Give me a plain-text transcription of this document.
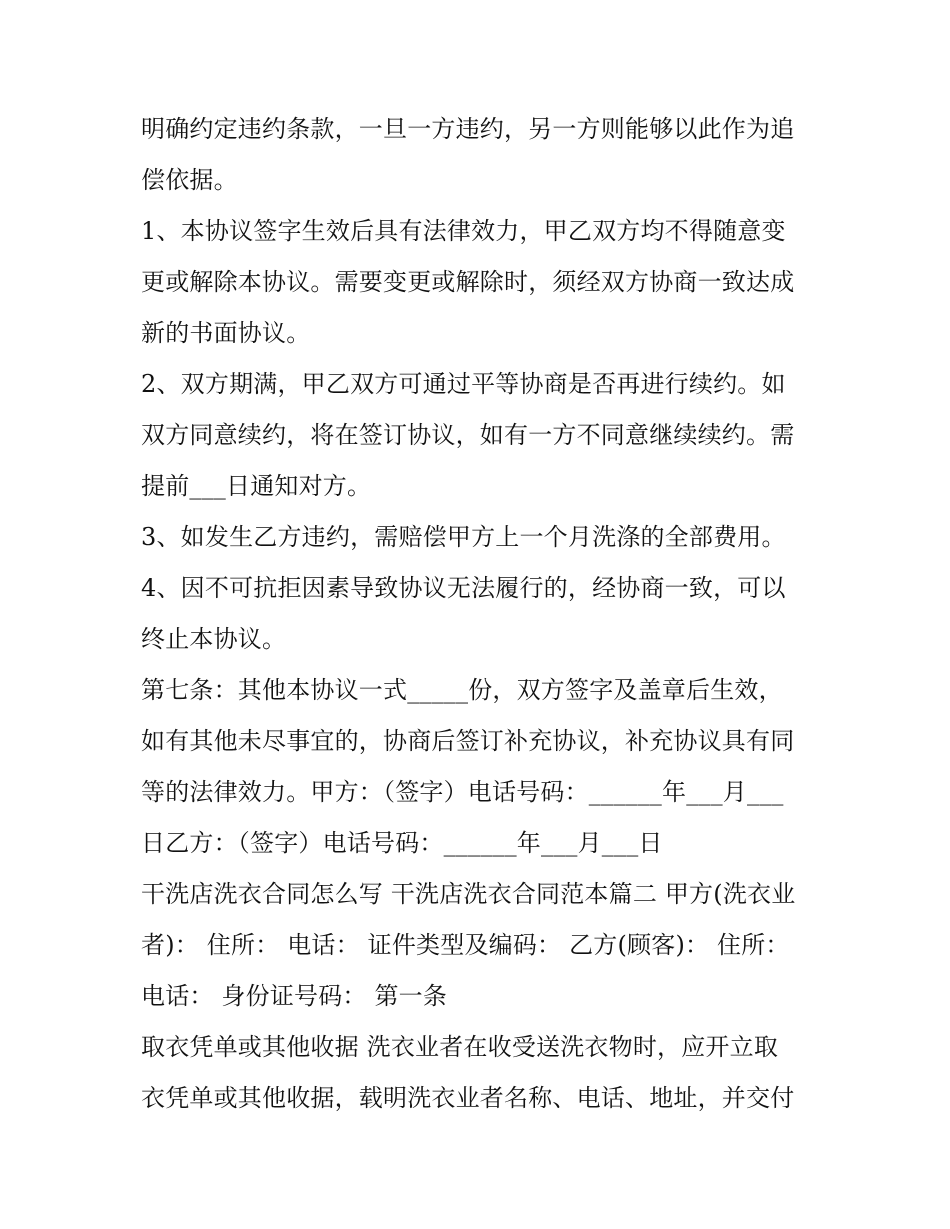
明确约定违约条款，一旦一方违约，另一方则能够以此作为追
偿依据。
1、本协议签字生效后具有法律效力，甲乙双方均不得随意变
更或解除本协议。需要变更或解除时，须经双方协商一致达成
新的书面协议。
2、双方期满，甲乙双方可通过平等协商是否再进行续约。如
双方同意续约，将在签订协议，如有一方不同意继续续约。需
提前___日通知对方。
3、如发生乙方违约，需赔偿甲方上一个月洗涤的全部费用。
4、因不可抗拒因素导致协议无法履行的，经协商一致，可以
终止本协议。
第七条：其他本协议一式_____份，双方签字及盖章后生效，
如有其他未尽事宜的，协商后签订补充协议，补充协议具有同
等的法律效力。甲方：（签字）电话号码：______年___月___
日乙方：（签字）电话号码：______年___月___日
干洗店洗衣合同怎么写 干洗店洗衣合同范本篇二 甲方(洗衣业
者)： 住所： 电话： 证件类型及编码： 乙方(顾客)： 住所：
电话： 身份证号码： 第一条
取衣凭单或其他收据 洗衣业者在收受送洗衣物时，应开立取
衣凭单或其他收据，载明洗衣业者名称、电话、地址，并交付
